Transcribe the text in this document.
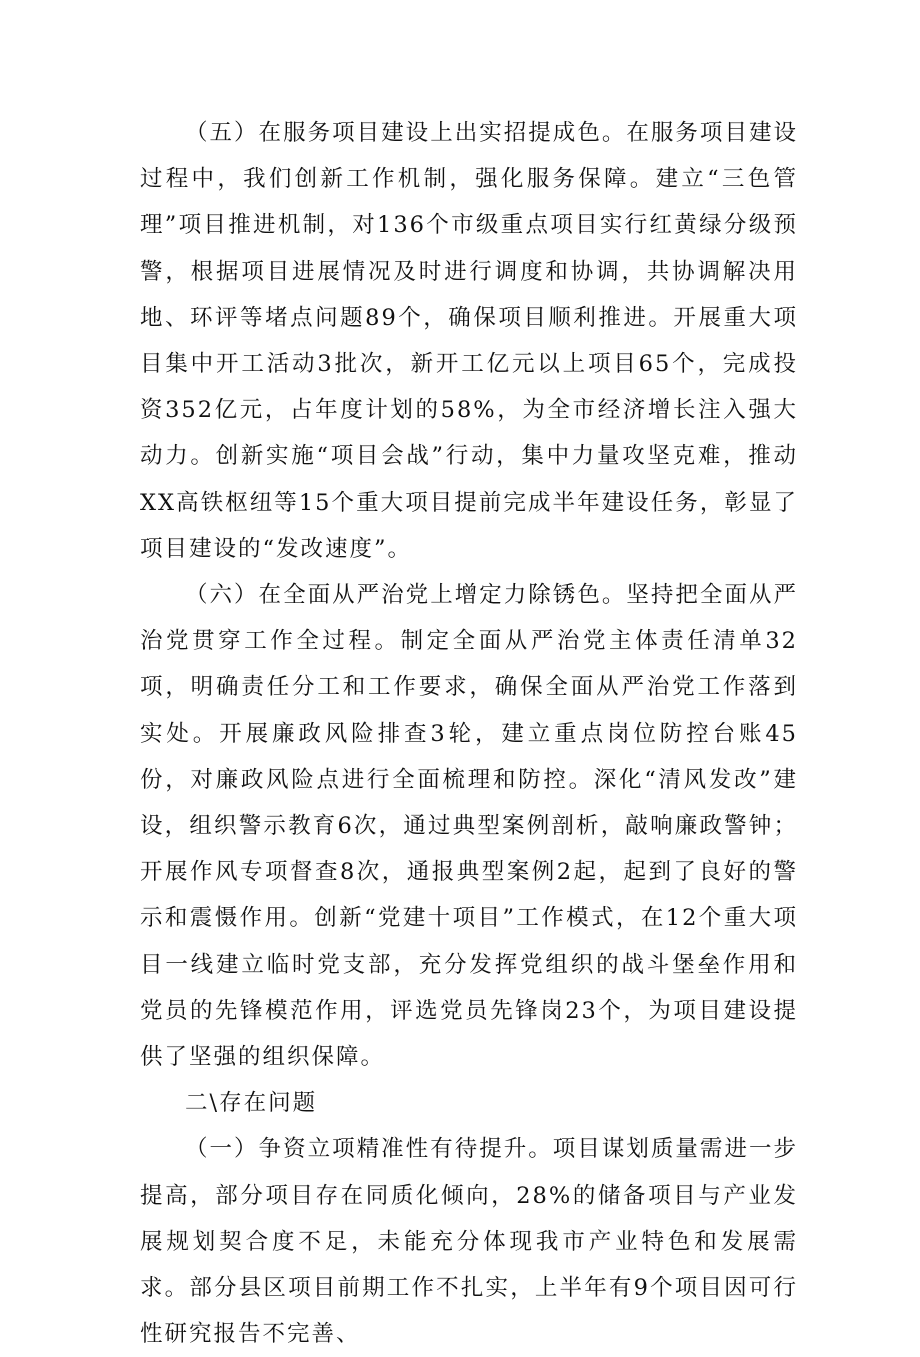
（五）在服务项目建设上出实招提成色。在服务项目建设过程中，我们创新工作机制，强化服务保障。建立“三色管理”项目推进机制，对136个市级重点项目实行红黄绿分级预警，根据项目进展情况及时进行调度和协调，共协调解决用地、环评等堵点问题89个，确保项目顺利推进。开展重大项目集中开工活动3批次，新开工亿元以上项目65个，完成投资352亿元，占年度计划的58%，为全市经济增长注入强大动力。创新实施“项目会战”行动，集中力量攻坚克难，推动XX高铁枢纽等15个重大项目提前完成半年建设任务，彰显了项目建设的“发改速度”。

（六）在全面从严治党上增定力除锈色。坚持把全面从严治党贯穿工作全过程。制定全面从严治党主体责任清单32项，明确责任分工和工作要求，确保全面从严治党工作落到实处。开展廉政风险排查3轮，建立重点岗位防控台账45份，对廉政风险点进行全面梳理和防控。深化“清风发改”建设，组织警示教育6次，通过典型案例剖析，敲响廉政警钟；开展作风专项督查8次，通报典型案例2起，起到了良好的警示和震慑作用。创新“党建十项目”工作模式，在12个重大项目一线建立临时党支部，充分发挥党组织的战斗堡垒作用和党员的先锋模范作用，评选党员先锋岗23个，为项目建设提供了坚强的组织保障。

二\存在问题

（一）争资立项精准性有待提升。项目谋划质量需进一步提高，部分项目存在同质化倾向，28%的储备项目与产业发展规划契合度不足，未能充分体现我市产业特色和发展需求。部分县区项目前期工作不扎实，上半年有9个项目因可行性研究报告不完善、
